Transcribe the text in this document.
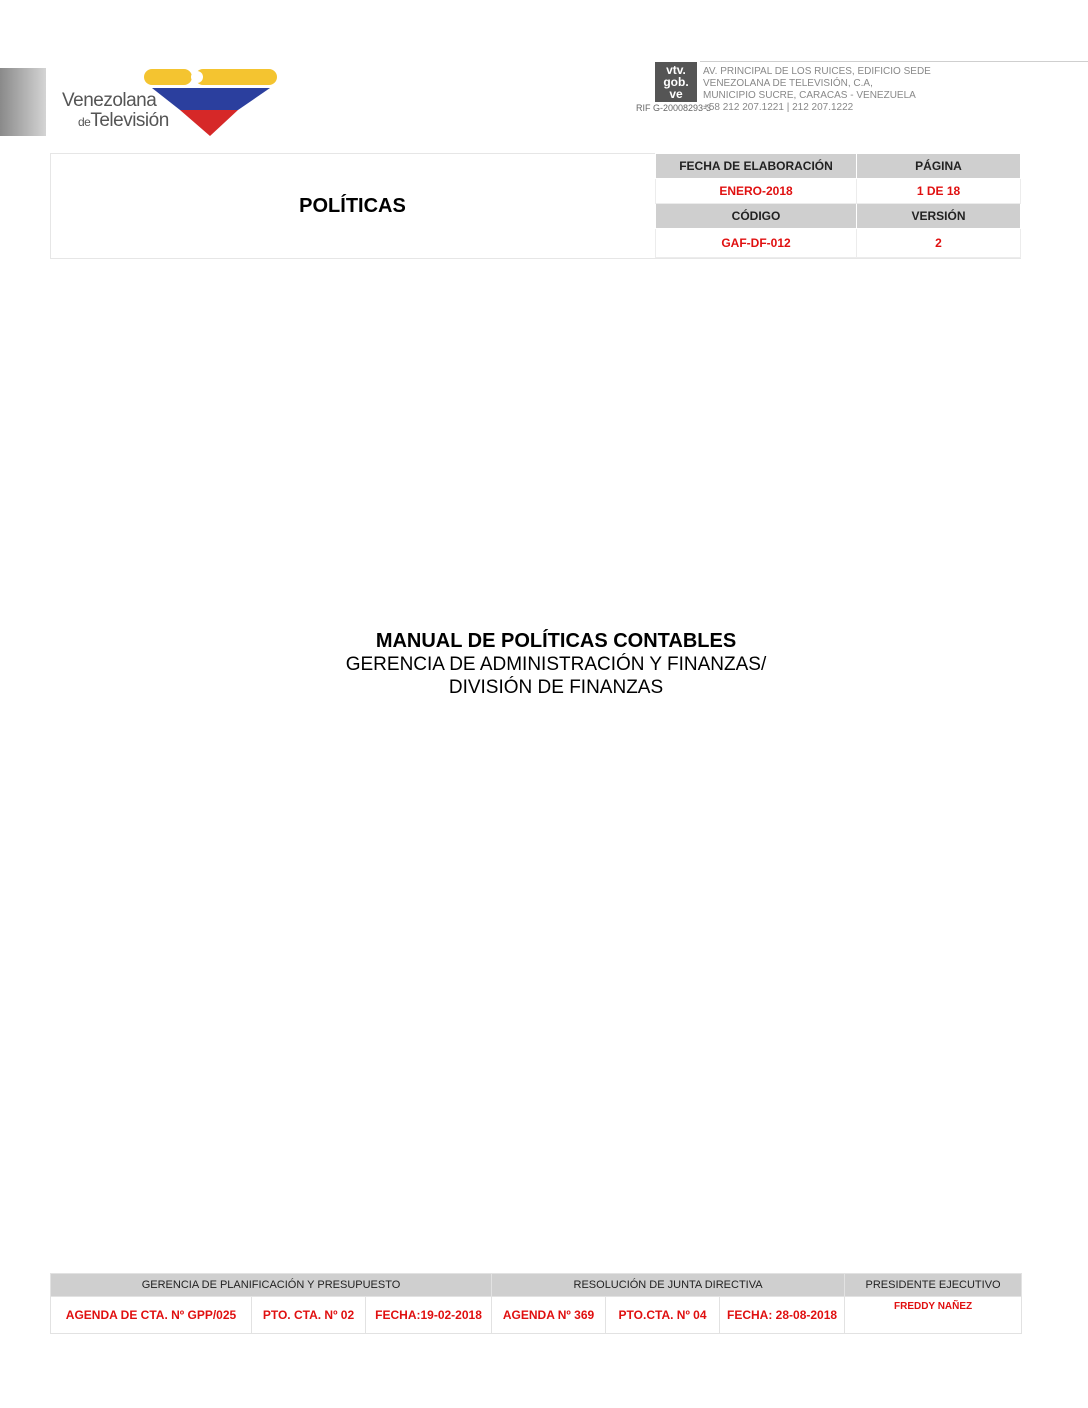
Venezolana
deTelevisión
vtv.
gob.
ve
RIF G-20008293-3
AV. PRINCIPAL DE LOS RUICES, EDIFICIO SEDE VENEZOLANA DE TELEVISIÓN, C.A,
MUNICIPIO SUCRE, CARACAS - VENEZUELA
+58 212 207.1221 | 212 207.1222
POLÍTICAS
FECHA DE ELABORACIÓN	PÁGINA
ENERO-2018	1 DE 18
CÓDIGO	VERSIÓN
GAF-DF-012	2
MANUAL DE POLÍTICAS CONTABLES
GERENCIA DE ADMINISTRACIÓN Y FINANZAS/
DIVISIÓN DE FINANZAS
GERENCIA DE PLANIFICACIÓN Y PRESUPUESTO			RESOLUCIÓN DE JUNTA DIRECTIVA			PRESIDENTE EJECUTIVO
AGENDA DE CTA. Nº GPP/025	PTO. CTA. Nº 02	FECHA:19-02-2018	AGENDA Nº 369	PTO.CTA. Nº 04	FECHA: 28-08-2018	FREDDY NAÑEZ
